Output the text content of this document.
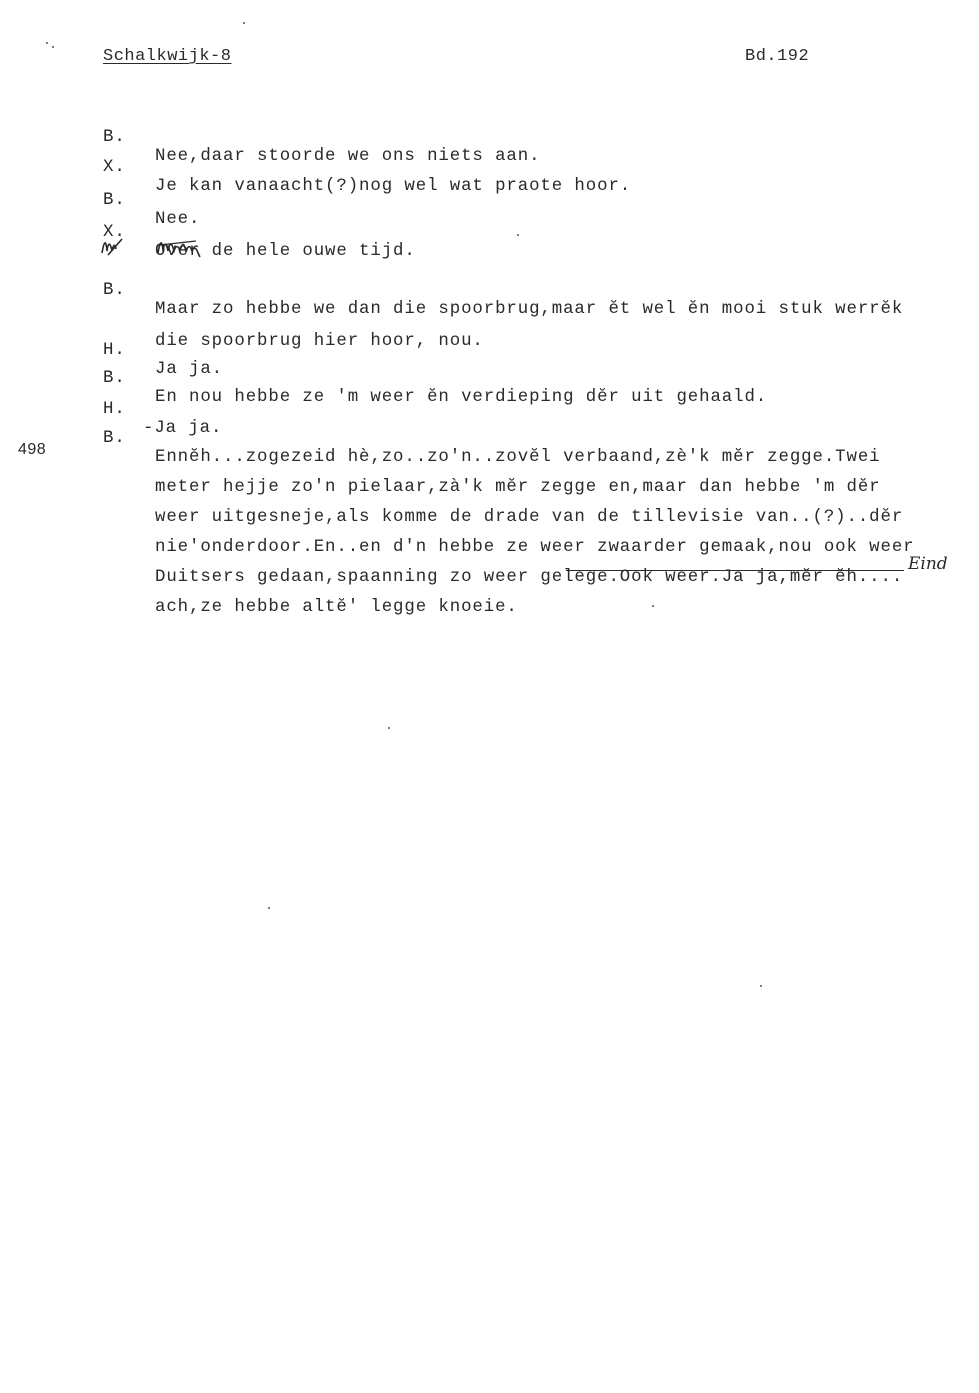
Schalkwijk-8	Bd.192
498

B.

Nee,daar stoorde we ons niets aan.

X.

Je kan vanaacht(?)nog wel wat praote hoor.

B.

Nee.

X.

Over de hele ouwe tijd.

B.

Maar zo hebbe we dan die spoorbrug,maar ĕt wel ĕn mooi stuk werrĕk

die spoorbrug hier hoor, nou.

H.

Ja ja.

B.

En nou hebbe ze 'm weer ĕn verdieping dĕr uit gehaald.

H.

-Ja ja.

B.

Ennĕh...zogezeid hè,zo..zo'n..zovĕl verbaand,zè'k mĕr zegge.Twei

meter hejje zo'n pielaar,zà'k mĕr zegge en,maar dan hebbe 'm dĕr

weer uitgesneje,als komme de drade van de tillevisie van..(?)..dĕr

nie'onderdoor.En..en d'n hebbe ze weer zwaarder gemaak,nou ook weer

Duitsers gedaan,spaanning zo weer gelege.Ook weer.Ja ja,mĕr ĕh....

ach,ze hebbe altĕ' legge knoeie.

Eind
